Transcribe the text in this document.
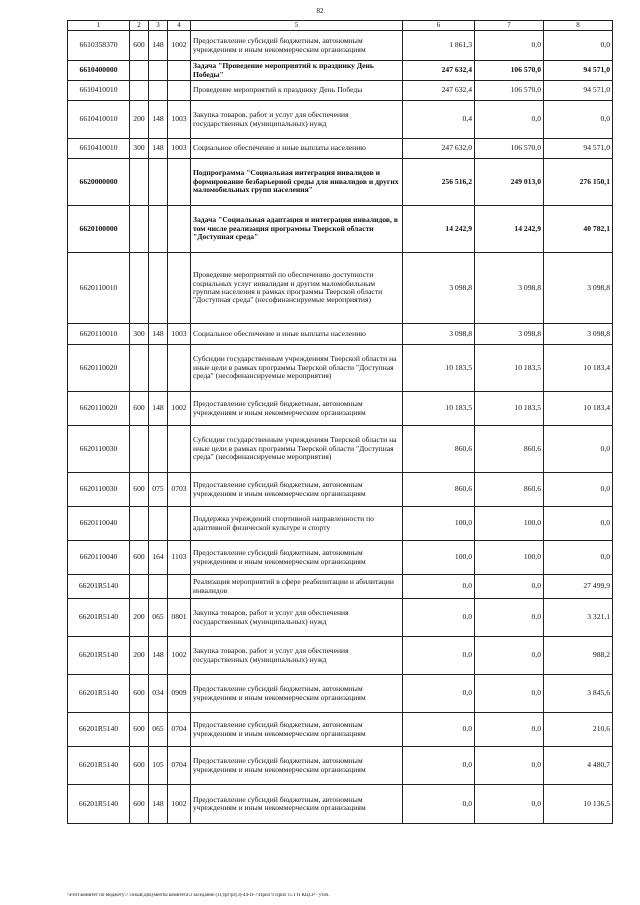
82
1	2	3	4	5	6	7	8
6610358370	600	148	1002	Предоставление субсидий бюджетным, автономным учреждениям и иным некоммерческим организациям	1 861,3	0,0	0,0
6610400000				Задача "Проведение мероприятий к празднику День Победы"	247 632,4	106 570,0	94 571,0
6610410010				Проведение мероприятий к празднику День Победы	247 632,4	106 570,0	94 571,0
6610410010	200	148	1003	Закупка товаров, работ и услуг для обеспечения государственных (муниципальных) нужд	0,4	0,0	0,0
6610410010	300	148	1003	Социальное обеспечение и иные выплаты населению	247 632,0	106 570,0	94 571,0
6620000000				Подпрограмма "Социальная интеграция инвалидов и формирование безбарьерной среды для инвалидов и других маломобильных групп населения"	256 516,2	249 013,0	276 150,1
6620100000				Задача "Социальная адаптация и интеграция инвалидов, в том числе реализация программы Тверской области "Доступная среда"	14 242,9	14 242,9	40 782,1
6620110010				Проведение мероприятий по обеспечению доступности социальных услуг инвалидам и другим маломобильным группам населения в рамках программы Тверской области "Доступная среда" (несофинансируемые мероприятия)	3 098,8	3 098,8	3 098,8
6620110010	300	148	1003	Социальное обеспечение и иные выплаты населению	3 098,8	3 098,8	3 098,8
6620110020				Субсидии государственным учреждениям Тверской области на иные цели в рамках программы Тверской области "Доступная среда" (несофинансируемые мероприятия)	10 183,5	10 183,5	10 183,4
6620110020	600	148	1002	Предоставление субсидий бюджетным, автономным учреждениям и иным некоммерческим организациям	10 183,5	10 183,5	10 183,4
6620110030				Субсидии государственным учреждениям Тверской области на иные цели в рамках программы Тверской области "Доступная среда" (несофинансируемые мероприятия)	860,6	860,6	0,0
6620110030	600	075	0703	Предоставление субсидий бюджетным, автономным учреждениям и иным некоммерческим организациям	860,6	860,6	0,0
6620110040				Поддержка учреждений спортивной направленности по адаптивной физической культуре и спорту	100,0	100,0	0,0
6620110040	600	164	1103	Предоставление субсидий бюджетным, автономным учреждениям и иным некоммерческим организациям	100,0	100,0	0,0
66201R5140				Реализация мероприятий в сфере реабилитации и абилитации инвалидов	0,0	0,0	27 499,9
66201R5140	200	065	0801	Закупка товаров, работ и услуг для обеспечения государственных (муниципальных) нужд	0,0	0,0	3 321,1
66201R5140	200	148	1002	Закупка товаров, работ и услуг для обеспечения государственных (муниципальных) нужд	0,0	0,0	988,2
66201R5140	600	034	0909	Предоставление субсидий бюджетным, автономным учреждениям и иным некоммерческим организациям	0,0	0,0	3 845,6
66201R5140	600	065	0704	Предоставление субсидий бюджетным, автономным учреждениям и иным некоммерческим организациям	0,0	0,0	210,6
66201R5140	600	105	0704	Предоставление субсидий бюджетным, автономным учреждениям и иным некоммерческим организациям	0,0	0,0	4 480,7
66201R5140	600	148	1002	Предоставление субсидий бюджетным, автономным учреждениям и иным некоммерческим организациям	0,0	0,0	10 136,5
\\Fs01\комитет по бюджету\7 созыв\Документы комитета\3 заседание (11)\рг\рг(3)-44-П-7\Прил 9 Прил 15 ГП КЦСР - уточ.
